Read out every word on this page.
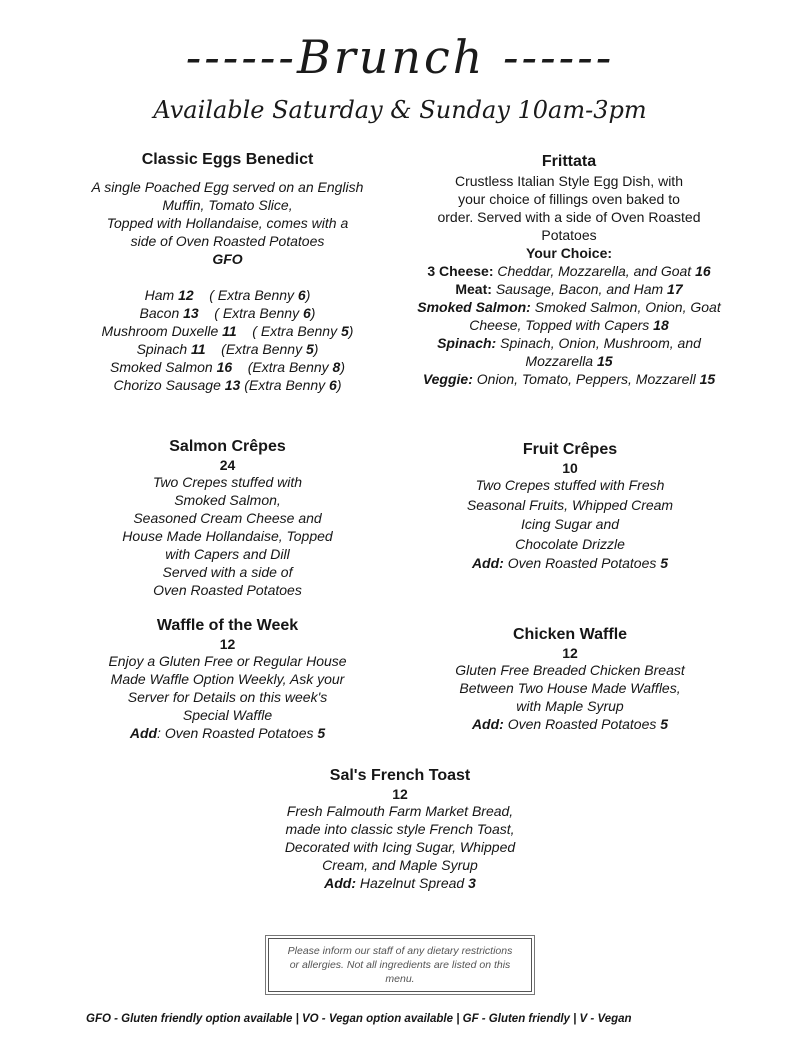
------Brunch ------
Available Saturday & Sunday 10am-3pm
Classic Eggs Benedict
A single Poached Egg served on an English
Muffin, Tomato Slice,
Topped with Hollandaise, comes with a
side of Oven Roasted Potatoes
GFO
Ham 12    ( Extra Benny 6)
Bacon 13    ( Extra Benny 6)
Mushroom Duxelle 11    ( Extra Benny 5)
Spinach 11    (Extra Benny 5)
Smoked Salmon 16    (Extra Benny 8)
Chorizo Sausage 13 (Extra Benny 6)
Frittata
Crustless Italian Style Egg Dish, with
your choice of fillings oven baked to
order. Served with a side of Oven Roasted
Potatoes
Your Choice:
3 Cheese: Cheddar, Mozzarella, and Goat 16
Meat: Sausage, Bacon, and Ham 17
Smoked Salmon: Smoked Salmon, Onion, Goat
Cheese, Topped with Capers 18
Spinach: Spinach, Onion, Mushroom, and
Mozzarella 15
Veggie: Onion, Tomato, Peppers, Mozzarell 15
Salmon Crêpes
24
Two Crepes stuffed with
Smoked Salmon,
Seasoned Cream Cheese and
House Made Hollandaise, Topped
with Capers and Dill
Served with a side of
Oven Roasted Potatoes
Fruit Crêpes
10
Two Crepes stuffed with Fresh
Seasonal Fruits, Whipped Cream
Icing Sugar and
Chocolate Drizzle
Add: Oven Roasted Potatoes 5
Waffle of the Week
12
Enjoy a Gluten Free or Regular House
Made Waffle Option Weekly, Ask your
Server for Details on this week's
Special Waffle
Add: Oven Roasted Potatoes 5
Chicken Waffle
12
Gluten Free Breaded Chicken Breast
Between Two House Made Waffles,
with Maple Syrup
Add: Oven Roasted Potatoes 5
Sal's French Toast
12
Fresh Falmouth Farm Market Bread,
made into classic style French Toast,
Decorated with Icing Sugar, Whipped
Cream, and Maple Syrup
Add: Hazelnut Spread 3
Please inform our staff of any dietary restrictions
or allergies. Not all ingredients are listed on this
menu.
GFO - Gluten friendly option available | VO - Vegan option available | GF - Gluten friendly | V - Vegan
